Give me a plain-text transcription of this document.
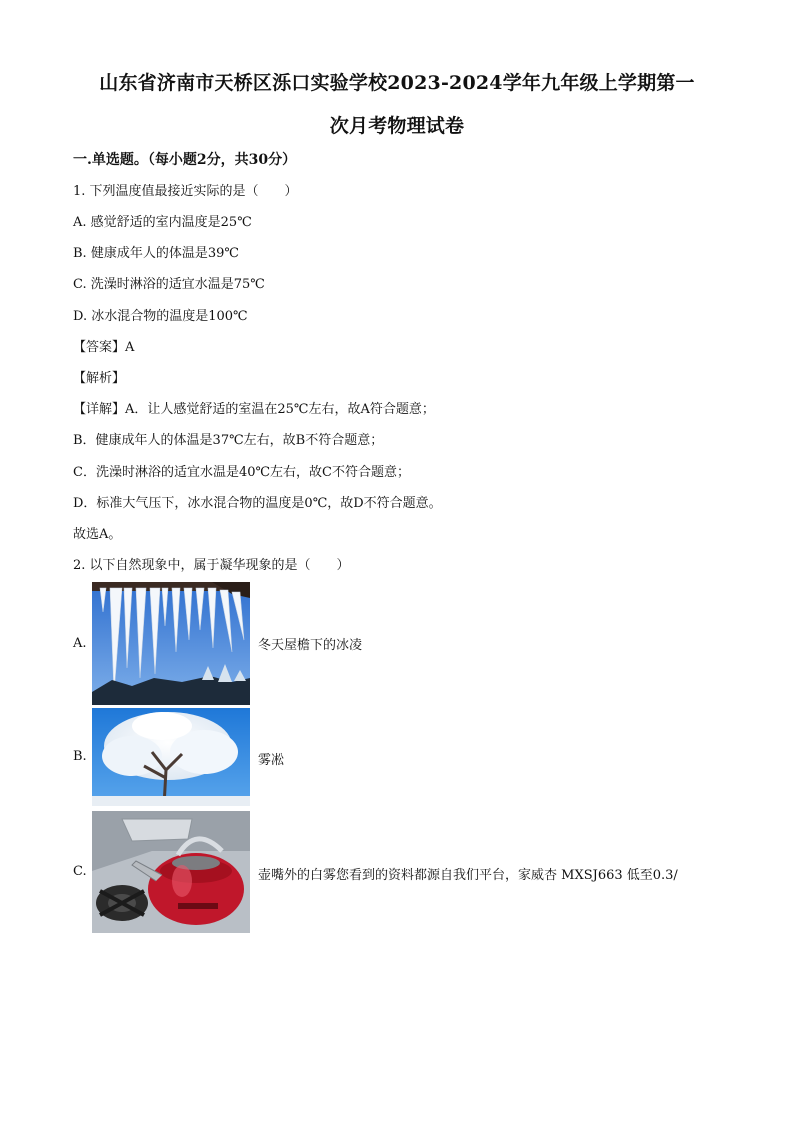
山东省济南市天桥区泺口实验学校2023-2024学年九年级上学期第一
次月考物理试卷
一.单选题。（每小题2分，共30分）
1. 下列温度值最接近实际的是（　　）
A. 感觉舒适的室内温度是25℃
B. 健康成年人的体温是39℃
C. 洗澡时淋浴的适宜水温是75℃
D. 冰水混合物的温度是100℃
【答案】A
【解析】
【详解】A．让人感觉舒适的室温在25℃左右，故A符合题意；
B．健康成年人的体温是37℃左右，故B不符合题意；
C．洗澡时淋浴的适宜水温是40℃左右，故C不符合题意；
D．标准大气压下，冰水混合物的温度是0℃，故D不符合题意。
故选A。
2. 以下自然现象中，属于凝华现象的是（　　）
A.	冬天屋檐下的冰凌
B.	雾凇
C.	壶嘴外的白雾您看到的资料都源自我们平台，家威杏 MXSJ663 低至0.3/
